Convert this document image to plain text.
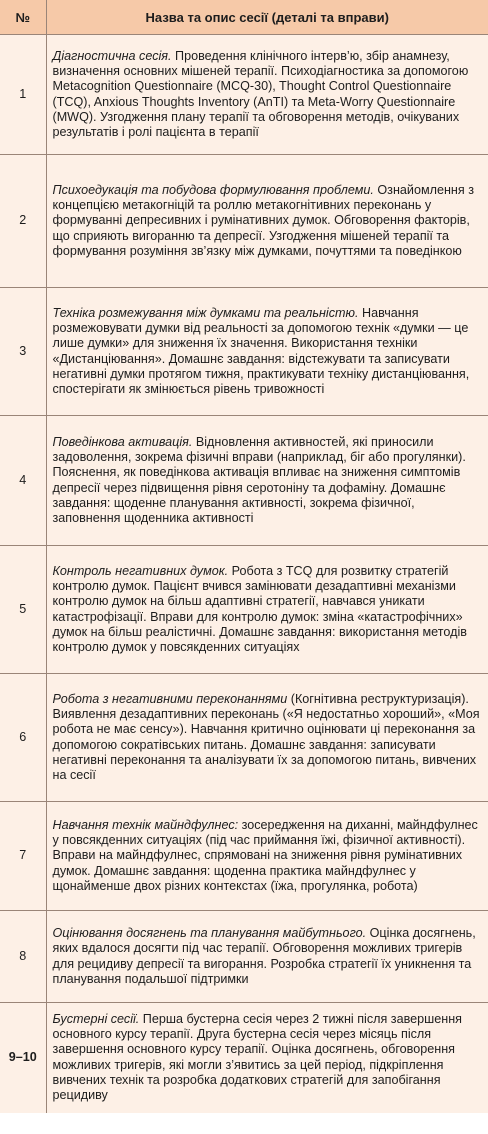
№	Назва та опис сесії (деталі та вправи)
1	Діагностична сесія. Проведення клінічного інтерв’ю, збір анамнезу, визначення основних мішеней терапії. Психодіагностика за допомогою Metacognition Questionnaire (MCQ-30), Thought Control Questionnaire (TCQ), Anxious Thoughts Inventory (AnTI) та Meta-Worry Questionnaire (MWQ). Узгодження плану терапії та обговорення методів, очікуваних результатів і ролі пацієнта в терапії
2	Психоедукація та побудова формулювання проблеми. Ознайомлення з концепцією метакогніцій та роллю метакогнітивних переконань у формуванні депресивних і румінативних думок. Обговорення факторів, що сприяють вигоранню та депресії. Узгодження мішеней терапії та формування розуміння зв’язку між думками, почуттями та поведінкою
3	Техніка розмежування між думками та реальністю. Навчання розмежовувати думки від реальності за допомогою технік «думки — це лише думки» для зниження їх значення. Використання техніки «Дистанціювання». Домашнє завдання: відстежувати та записувати негативні думки протягом тижня, практикувати техніку дистанціювання, спостерігати як змінюється рівень тривожності
4	Поведінкова активація. Відновлення активностей, які приносили задоволення, зокрема фізичні вправи (наприклад, біг або прогулянки). Пояснення, як поведінкова активація впливає на зниження симптомів депресії через підвищення рівня серотоніну та дофаміну. Домашнє завдання: щоденне планування активності, зокрема фізичної, заповнення щоденника активності
5	Контроль негативних думок. Робота з TCQ для розвитку стратегій контролю думок. Пацієнт вчився замінювати дезадаптивні механізми контролю думок на більш адаптивні стратегії, навчався уникати катастрофізації. Вправи для контролю думок: зміна «катастрофічних» думок на більш реалістичні. Домашнє завдання: використання методів контролю думок у повсякденних ситуаціях
6	Робота з негативними переконаннями (Когнітивна реструктуризація). Виявлення дезадаптивних переконань («Я недостатньо хороший», «Моя робота не має сенсу»). Навчання критично оцінювати ці переконання за допомогою сократівських питань. Домашнє завдання: записувати негативні переконання та аналізувати їх за допомогою питань, вивчених на сесії
7	Навчання технік майндфулнес: зосередження на диханні, майндфулнес у повсякденних ситуаціях (під час приймання їжі, фізичної активності). Вправи на майндфулнес, спрямовані на зниження рівня румінативних думок. Домашнє завдання: щоденна практика майндфулнес у щонайменше двох різних контекстах (їжа, прогулянка, робота)
8	Оцінювання досягнень та планування майбутнього. Оцінка досягнень, яких вдалося досягти під час терапії. Обговорення можливих тригерів для рецидиву депресії та вигорання. Розробка стратегії їх уникнення та планування подальшої підтримки
9–10	Бустерні сесії. Перша бустерна сесія через 2 тижні після завершення основного курсу терапії. Друга бустерна сесія через місяць після завершення основного курсу терапії. Оцінка досягнень, обговорення можливих тригерів, які могли з’явитись за цей період, підкріплення вивчених технік та розробка додаткових стратегій для запобігання рецидиву
